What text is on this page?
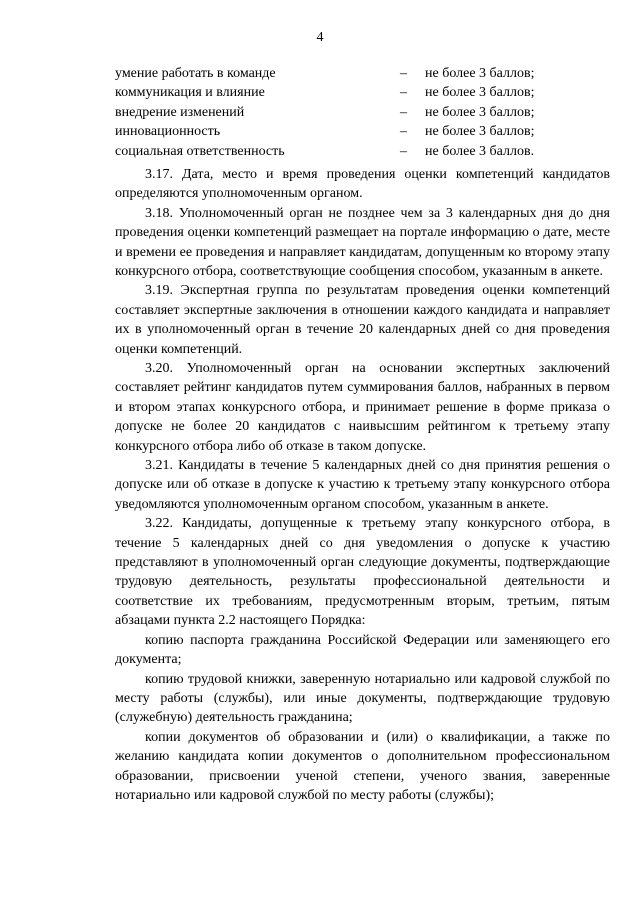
4
умение работать в команде	–	не более 3 баллов;
коммуникация и влияние	–	не более 3 баллов;
внедрение изменений	–	не более 3 баллов;
инновационность	–	не более 3 баллов;
социальная ответственность	–	не более 3 баллов.

3.17. Дата, место и время проведения оценки компетенций кандидатов определяются уполномоченным органом.

3.18. Уполномоченный орган не позднее чем за 3 календарных дня до дня проведения оценки компетенций размещает на портале информацию о дате, месте и времени ее проведения и направляет кандидатам, допущенным ко второму этапу конкурсного отбора, соответствующие сообщения способом, указанным в анкете.

3.19. Экспертная группа по результатам проведения оценки компетенций составляет экспертные заключения в отношении каждого кандидата и направляет их в уполномоченный орган в течение 20 календарных дней со дня проведения оценки компетенций.

3.20. Уполномоченный орган на основании экспертных заключений составляет рейтинг кандидатов путем суммирования баллов, набранных в первом и втором этапах конкурсного отбора, и принимает решение в форме приказа о допуске не более 20 кандидатов с наивысшим рейтингом к третьему этапу конкурсного отбора либо об отказе в таком допуске.

3.21. Кандидаты в течение 5 календарных дней со дня принятия решения о допуске или об отказе в допуске к участию к третьему этапу конкурсного отбора уведомляются уполномоченным органом способом, указанным в анкете.

3.22. Кандидаты, допущенные к третьему этапу конкурсного отбора, в течение 5 календарных дней со дня уведомления о допуске к участию представляют в уполномоченный орган следующие документы, подтверждающие трудовую деятельность, результаты профессиональной деятельности и соответствие их требованиям, предусмотренным вторым, третьим, пятым абзацами пункта 2.2 настоящего Порядка:

копию паспорта гражданина Российской Федерации или заменяющего его документа;

копию трудовой книжки, заверенную нотариально или кадровой службой по месту работы (службы), или иные документы, подтверждающие трудовую (служебную) деятельность гражданина;

копии документов об образовании и (или) о квалификации, а также по желанию кандидата копии документов о дополнительном профессиональном образовании, присвоении ученой степени, ученого звания, заверенные нотариально или кадровой службой по месту работы (службы);
